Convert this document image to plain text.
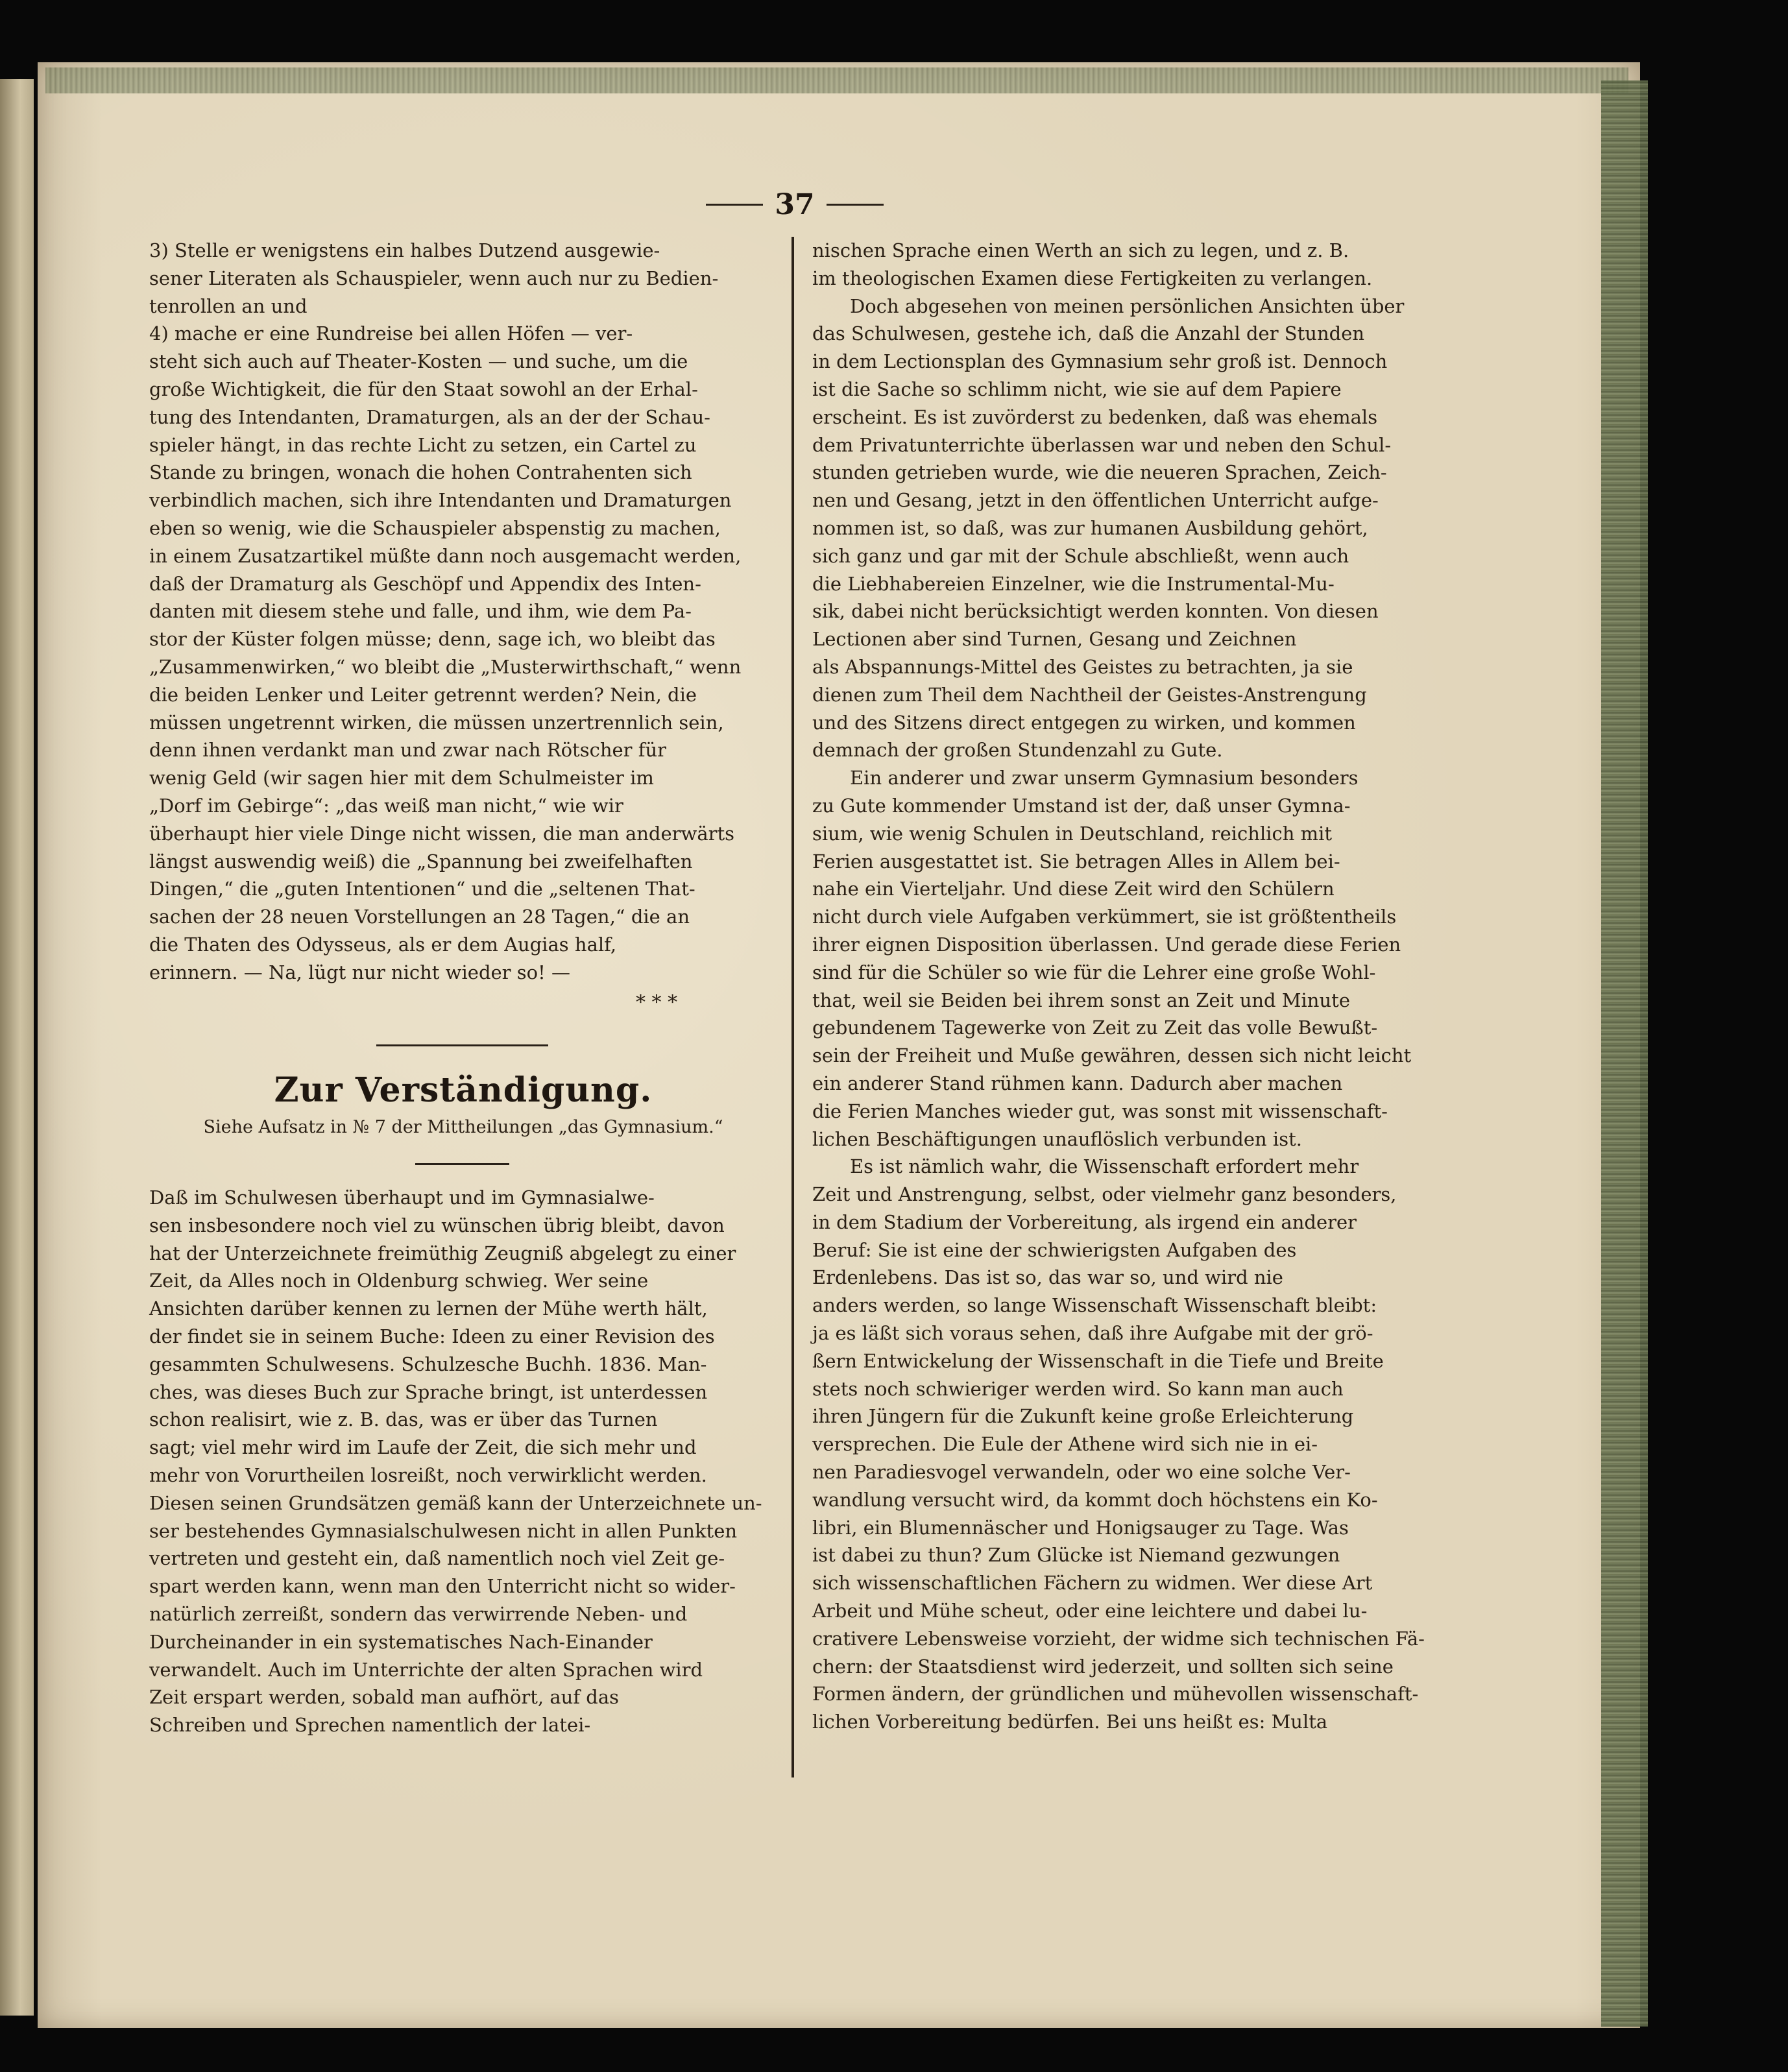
37

3) Stelle er wenigstens ein halbes Dutzend ausgewie-
sener Literaten als Schauspieler, wenn auch nur zu Bedien-
tenrollen an und

4) mache er eine Rundreise bei allen Höfen — ver-
steht sich auch auf Theater-Kosten — und suche, um die
große Wichtigkeit, die für den Staat sowohl an der Erhal-
tung des Intendanten, Dramaturgen, als an der der Schau-
spieler hängt, in das rechte Licht zu setzen, ein Cartel zu
Stande zu bringen, wonach die hohen Contrahenten sich
verbindlich machen, sich ihre Intendanten und Dramaturgen
eben so wenig, wie die Schauspieler abspenstig zu machen,
in einem Zusatzartikel müßte dann noch ausgemacht werden,
daß der Dramaturg als Geschöpf und Appendix des Inten-
danten mit diesem stehe und falle, und ihm, wie dem Pa-
stor der Küster folgen müsse; denn, sage ich, wo bleibt das
„Zusammenwirken,“ wo bleibt die „Musterwirthschaft,“ wenn
die beiden Lenker und Leiter getrennt werden? Nein, die
müssen ungetrennt wirken, die müssen unzertrennlich sein,
denn ihnen verdankt man und zwar nach Rötscher für
wenig Geld (wir sagen hier mit dem Schulmeister im
„Dorf im Gebirge“: „das weiß man nicht,“ wie wir
überhaupt hier viele Dinge nicht wissen, die man anderwärts
längst auswendig weiß) die „Spannung bei zweifelhaften
Dingen,“ die „guten Intentionen“ und die „seltenen That-
sachen der 28 neuen Vorstellungen an 28 Tagen,“ die an
die Thaten des Odysseus, als er dem Augias half,
erinnern. — Na, lügt nur nicht wieder so! —

* * *
Zur Verständigung.
Siehe Aufsatz in № 7 der Mittheilungen „das Gymnasium.“

Daß im Schulwesen überhaupt und im Gymnasialwe-
sen insbesondere noch viel zu wünschen übrig bleibt, davon
hat der Unterzeichnete freimüthig Zeugniß abgelegt zu einer
Zeit, da Alles noch in Oldenburg schwieg. Wer seine
Ansichten darüber kennen zu lernen der Mühe werth hält,
der findet sie in seinem Buche: Ideen zu einer Revision des
gesammten Schulwesens. Schulzesche Buchh. 1836. Man-
ches, was dieses Buch zur Sprache bringt, ist unterdessen
schon realisirt, wie z. B. das, was er über das Turnen
sagt; viel mehr wird im Laufe der Zeit, die sich mehr und
mehr von Vorurtheilen losreißt, noch verwirklicht werden.
Diesen seinen Grundsätzen gemäß kann der Unterzeichnete un-
ser bestehendes Gymnasialschulwesen nicht in allen Punkten
vertreten und gesteht ein, daß namentlich noch viel Zeit ge-
spart werden kann, wenn man den Unterricht nicht so wider-
natürlich zerreißt, sondern das verwirrende Neben- und
Durcheinander in ein systematisches Nach-Einander
verwandelt. Auch im Unterrichte der alten Sprachen wird
Zeit erspart werden, sobald man aufhört, auf das
Schreiben und Sprechen namentlich der latei-

nischen Sprache einen Werth an sich zu legen, und z. B.
im theologischen Examen diese Fertigkeiten zu verlangen.

Doch abgesehen von meinen persönlichen Ansichten über
das Schulwesen, gestehe ich, daß die Anzahl der Stunden
in dem Lectionsplan des Gymnasium sehr groß ist. Dennoch
ist die Sache so schlimm nicht, wie sie auf dem Papiere
erscheint. Es ist zuvörderst zu bedenken, daß was ehemals
dem Privatunterrichte überlassen war und neben den Schul-
stunden getrieben wurde, wie die neueren Sprachen, Zeich-
nen und Gesang, jetzt in den öffentlichen Unterricht aufge-
nommen ist, so daß, was zur humanen Ausbildung gehört,
sich ganz und gar mit der Schule abschließt, wenn auch
die Liebhabereien Einzelner, wie die Instrumental-Mu-
sik, dabei nicht berücksichtigt werden konnten. Von diesen
Lectionen aber sind Turnen, Gesang und Zeichnen
als Abspannungs-Mittel des Geistes zu betrachten, ja sie
dienen zum Theil dem Nachtheil der Geistes-Anstrengung
und des Sitzens direct entgegen zu wirken, und kommen
demnach der großen Stundenzahl zu Gute.

Ein anderer und zwar unserm Gymnasium besonders
zu Gute kommender Umstand ist der, daß unser Gymna-
sium, wie wenig Schulen in Deutschland, reichlich mit
Ferien ausgestattet ist. Sie betragen Alles in Allem bei-
nahe ein Vierteljahr. Und diese Zeit wird den Schülern
nicht durch viele Aufgaben verkümmert, sie ist größtentheils
ihrer eignen Disposition überlassen. Und gerade diese Ferien
sind für die Schüler so wie für die Lehrer eine große Wohl-
that, weil sie Beiden bei ihrem sonst an Zeit und Minute
gebundenem Tagewerke von Zeit zu Zeit das volle Bewußt-
sein der Freiheit und Muße gewähren, dessen sich nicht leicht
ein anderer Stand rühmen kann. Dadurch aber machen
die Ferien Manches wieder gut, was sonst mit wissenschaft-
lichen Beschäftigungen unauflöslich verbunden ist.

Es ist nämlich wahr, die Wissenschaft erfordert mehr
Zeit und Anstrengung, selbst, oder vielmehr ganz besonders,
in dem Stadium der Vorbereitung, als irgend ein anderer
Beruf: Sie ist eine der schwierigsten Aufgaben des
Erdenlebens. Das ist so, das war so, und wird nie
anders werden, so lange Wissenschaft Wissenschaft bleibt:
ja es läßt sich voraus sehen, daß ihre Aufgabe mit der grö-
ßern Entwickelung der Wissenschaft in die Tiefe und Breite
stets noch schwieriger werden wird. So kann man auch
ihren Jüngern für die Zukunft keine große Erleichterung
versprechen. Die Eule der Athene wird sich nie in ei-
nen Paradiesvogel verwandeln, oder wo eine solche Ver-
wandlung versucht wird, da kommt doch höchstens ein Ko-
libri, ein Blumennäscher und Honigsauger zu Tage. Was
ist dabei zu thun? Zum Glücke ist Niemand gezwungen
sich wissenschaftlichen Fächern zu widmen. Wer diese Art
Arbeit und Mühe scheut, oder eine leichtere und dabei lu-
crativere Lebensweise vorzieht, der widme sich technischen Fä-
chern: der Staatsdienst wird jederzeit, und sollten sich seine
Formen ändern, der gründlichen und mühevollen wissenschaft-
lichen Vorbereitung bedürfen. Bei uns heißt es: Multa
